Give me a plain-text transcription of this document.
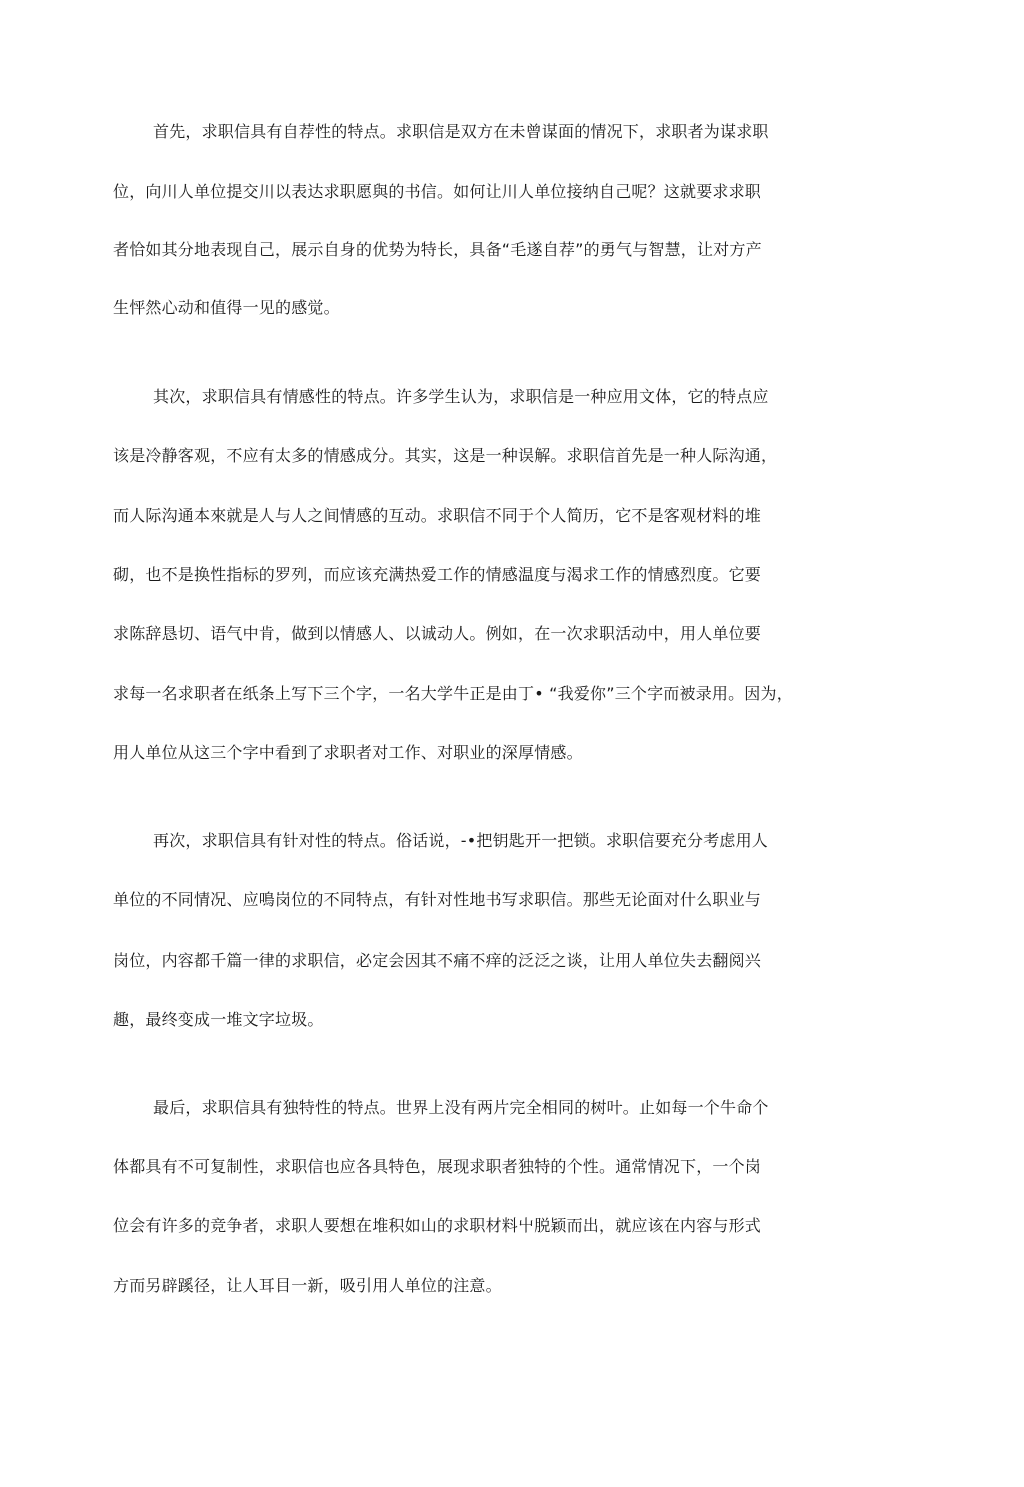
首先，求职信具有自荐性的特点。求职信是双方在未曾谋面的情况下，求职者为谋求职
位，向川人单位提交川以表达求职愿與的书信。如何让川人单位接纳自己呢？这就要求求职
者恰如其分地表现自己，展示自身的优势为特长，具备“毛遂自荐”的勇气与智慧，让对方产
生怦然心动和值得一见的感觉。
其次，求职信具有情感性的特点。许多学生认为，求职信是一种应用文体，它的特点应
该是冷静客观，不应有太多的情感成分。其实，这是一种误解。求职信首先是一种人际沟通，
而人际沟通本來就是人与人之间情感的互动。求职信不同于个人简历，它不是客观材料的堆
砌，也不是换性指标的罗列，而应该充满热爱工作的情感温度与渴求工作的情感烈度。它要
求陈辞恳切、语气中肯，做到以情感人、以诚动人。例如，在一次求职活动中，用人单位要
求每一名求职者在纸条上写下三个字，一名大学牛正是由丁• “我爱你”三个字而被录用。因为，
用人单位从这三个字中看到了求职者对工作、对职业的深厚情感。
再次，求职信具有针对性的特点。俗话说，-•把钥匙开一把锁。求职信要充分考虑用人
单位的不同情况、应鳴岗位的不同特点，有针对性地书写求职信。那些无论面对什么职业与
岗位，内容都千篇一律的求职信，必定会因其不痛不痒的泛泛之谈，让用人单位失去翻阅兴
趣，最终变成一堆文字垃圾。
最后，求职信具有独特性的特点。世界上没有两片完全相同的树叶。止如每一个牛命个
体都具有不可复制性，求职信也应各具特色，展现求职者独特的个性。通常情况下，一个岗
位会有许多的竞争者，求职人要想在堆积如山的求职材料屮脱颖而出，就应该在内容与形式
方而另辟蹊径，让人耳目一新，吸引用人单位的注意。
